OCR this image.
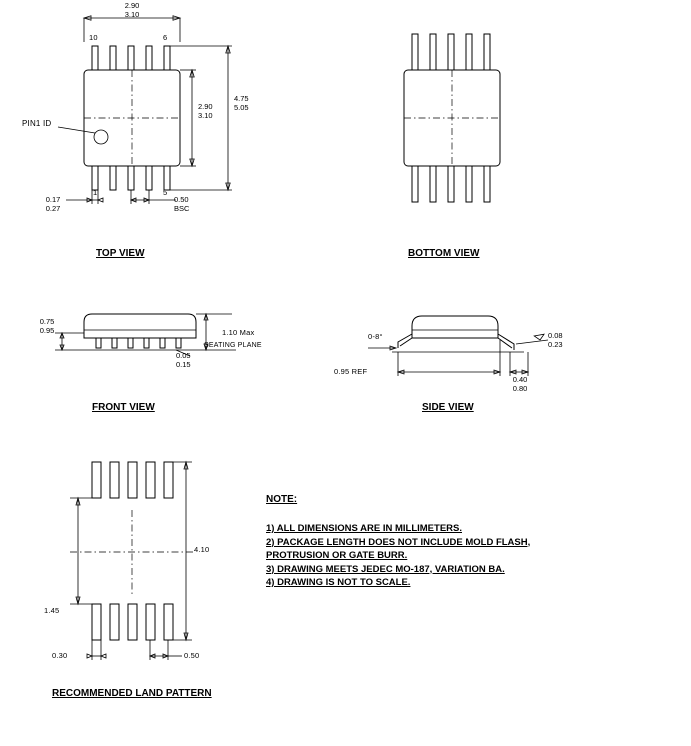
2.90
3.10
10	6
1	5
PIN1 ID
2.90
3.10
4.75
5.05
0.17
0.27
0.50
BSC
TOP VIEW	BOTTOM VIEW
0.75
0.95	1.10 Max
SEATING PLANE
0.05
0.15
FRONT VIEW
0-8°	0.08
0.23
0.95 REF
0.40
0.80
SIDE VIEW
4.10
1.45
0.30	0.50
RECOMMENDED LAND PATTERN
NOTE:
1) ALL DIMENSIONS ARE IN MILLIMETERS.
2) PACKAGE LENGTH DOES NOT INCLUDE MOLD FLASH,
PROTRUSION OR GATE BURR.
3) DRAWING MEETS JEDEC MO-187, VARIATION BA.
4) DRAWING IS NOT TO SCALE.
